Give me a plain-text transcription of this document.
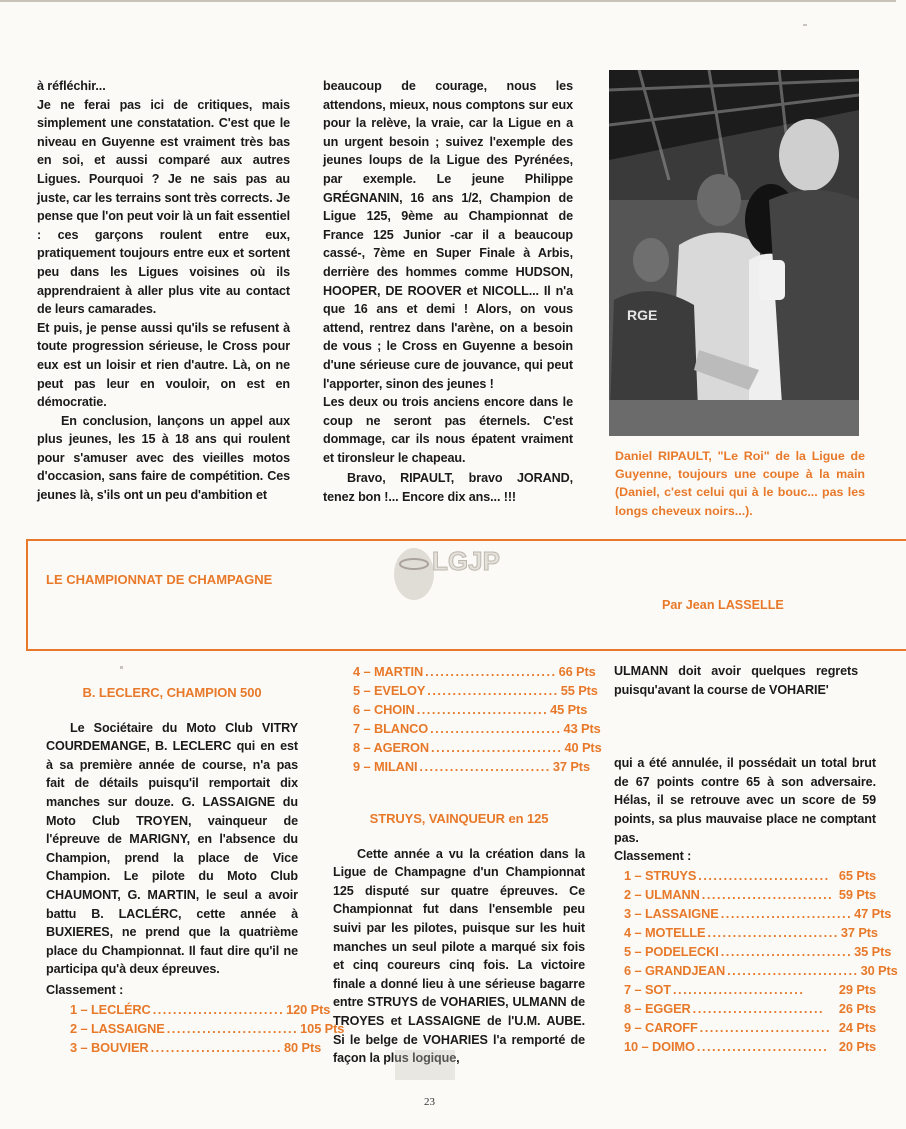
à réfléchir...

Je ne ferai pas ici de critiques, mais simplement une constatation. C'est que le niveau en Guyenne est vraiment très bas en soi, et aussi comparé aux autres Ligues. Pourquoi ? Je ne sais pas au juste, car les terrains sont très corrects. Je pense que l'on peut voir là un fait essentiel : ces garçons roulent entre eux, pratiquement toujours entre eux et sortent peu dans les Ligues voisines où ils apprendraient à aller plus vite au contact de leurs camarades.

Et puis, je pense aussi qu'ils se refusent à toute progression sérieuse, le Cross pour eux est un loisir et rien d'autre. Là, on ne peut pas leur en vouloir, on est en démocratie.

En conclusion, lançons un appel aux plus jeunes, les 15 à 18 ans qui roulent pour s'amuser avec des vieilles motos d'occasion, sans faire de compétition. Ces jeunes là, s'ils ont un peu d'ambition et

beaucoup de courage, nous les attendons, mieux, nous comptons sur eux pour la relève, la vraie, car la Ligue en a un urgent besoin ; suivez l'exemple des jeunes loups de la Ligue des Pyrénées, par exemple. Le jeune Philippe GRÉGNANIN, 16 ans 1/2, Champion de Ligue 125, 9ème au Championnat de France 125 Junior -car il a beaucoup cassé-, 7ème en Super Finale à Arbis, derrière des hommes comme HUDSON, HOOPER, DE ROOVER et NICOLL... Il n'a que 16 ans et demi ! Alors, on vous attend, rentrez dans l'arène, on a besoin de vous ; le Cross en Guyenne a besoin d'une sérieuse cure de jouvance, qui peut l'apporter, sinon des jeunes !

Les deux ou trois anciens encore dans le coup ne seront pas éternels. C'est dommage, car ils nous épatent vraiment et tironsleur le chapeau.

Bravo, RIPAULT, bravo JORAND, tenez bon !... Encore dix ans... !!!

RGE

Daniel RIPAULT, "Le Roi" de la Ligue de Guyenne, toujours une coupe à la main (Daniel, c'est celui qui à le bouc... pas les longs cheveux noirs...).

LE CHAMPIONNAT DE CHAMPAGNE
Par Jean LASSELLE
LGJP
B. LECLERC, CHAMPION 500

Le Sociétaire du Moto Club VITRY COURDEMANGE, B. LECLERC qui en est à sa première année de course, n'a pas fait de détails puisqu'il remportait dix manches sur douze. G. LASSAIGNE du Moto Club TROYEN, vainqueur de l'épreuve de MARIGNY, en l'absence du Champion, prend la place de Vice Champion. Le pilote du Moto Club CHAUMONT, G. MARTIN, le seul a avoir battu B. LACLÉRC, cette année à BUXIERES, ne prend que la quatrième place du Championnat. Il faut dire qu'il ne participa qu'à deux épreuves.

Classement :
1 – LECLÉRC .......................... 120 Pts
2 – LASSAIGNE .......................... 105 Pts
3 – BOUVIER .......................... 80 Pts
4 – MARTIN .......................... 66 Pts
5 – EVELOY .......................... 55 Pts
6 – CHOIN .......................... 45 Pts
7 – BLANCO .......................... 43 Pts
8 – AGERON .......................... 40 Pts
9 – MILANI .......................... 37 Pts
STRUYS, VAINQUEUR en 125

Cette année a vu la création dans la Ligue de Champagne d'un Championnat 125 disputé sur quatre épreuves. Ce Championnat fut dans l'ensemble peu suivi par les pilotes, puisque sur les huit manches un seul pilote a marqué six fois et cinq coureurs cinq fois. La victoire finale a donné lieu à une sérieuse bagarre entre STRUYS de VOHARIES, ULMANN de TROYES et LASSAIGNE de l'U.M. AUBE. Si le belge de VOHARIES l'a remporté de façon la plus logique,

ULMANN doit avoir quelques regrets puisqu'avant la course de VOHARIE'

qui a été annulée, il possédait un total brut de 67 points contre 65 à son adversaire. Hélas, il se retrouve avec un score de 59 points, sa plus mauvaise place ne comptant pas.

Classement :
1 – STRUYS .......................... 65 Pts
2 – ULMANN .......................... 59 Pts
3 – LASSAIGNE .......................... 47 Pts
4 – MOTELLE .......................... 37 Pts
5 – PODELECKI .......................... 35 Pts
6 – GRANDJEAN .......................... 30 Pts
7 – SOT ..........................	29 Pts
8 – EGGER ..........................	26 Pts
9 – CAROFF .......................... 24 Pts
10 – DOIMO .......................... 20 Pts
23
